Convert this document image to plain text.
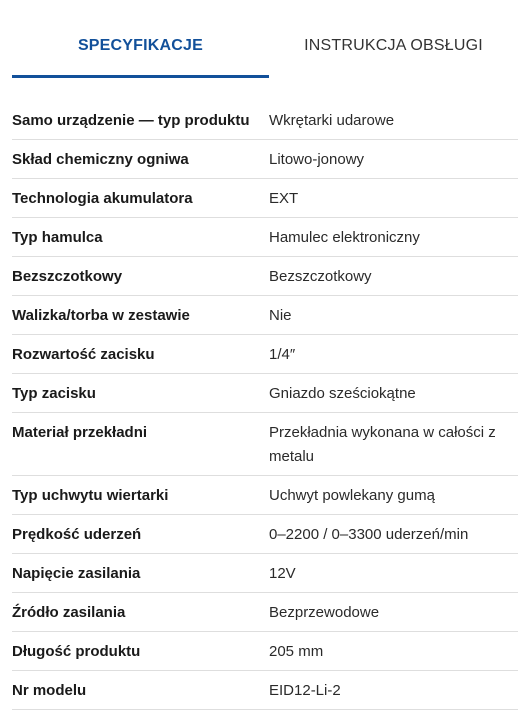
SPECYFIKACJE	INSTRUKCJA OBSŁUGI
Samo urządzenie — typ produktu	Wkrętarki udarowe
Skład chemiczny ogniwa	Litowo-jonowy
Technologia akumulatora	EXT
Typ hamulca	Hamulec elektroniczny
Bezszczotkowy	Bezszczotkowy
Walizka/torba w zestawie	Nie
Rozwartość zacisku	1/4″
Typ zacisku	Gniazdo sześciokątne
Materiał przekładni	Przekładnia wykonana w całości z metalu
Typ uchwytu wiertarki	Uchwyt powlekany gumą
Prędkość uderzeń	0–2200 / 0–3300 uderzeń/min
Napięcie zasilania	12V
Źródło zasilania	Bezprzewodowe
Długość produktu	205 mm
Nr modelu	EID12-Li-2
